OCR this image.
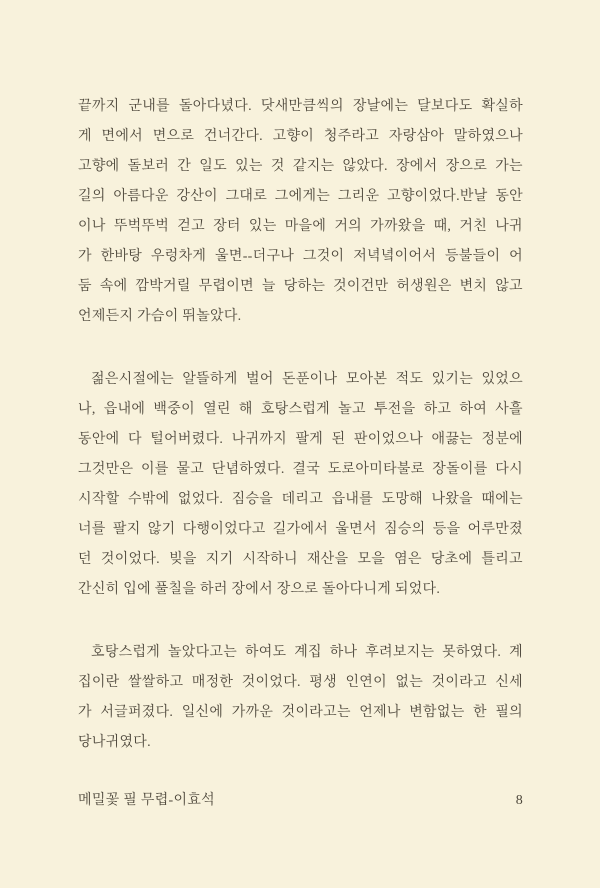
끝까지 군내를 돌아다녔다. 닷새만큼씩의 장날에는 달보다도 확실하
게 면에서 면으로 건너간다. 고향이 청주라고 자랑삼아 말하였으나
고향에 돌보러 간 일도 있는 것 같지는 않았다. 장에서 장으로 가는
길의 아름다운 강산이 그대로 그에게는 그리운 고향이었다.반날 동안
이나 뚜벅뚜벅 걷고 장터 있는 마을에 거의 가까왔을 때, 거친 나귀
가 한바탕 우렁차게 울면--더구나 그것이 저녁녘이어서 등불들이 어
둠 속에 깜박거릴 무렵이면 늘 당하는 것이건만 허생원은 변치 않고
언제든지 가슴이 뛰놀았다.
젊은시절에는 알뜰하게 벌어 돈푼이나 모아본 적도 있기는 있었으
나, 읍내에 백중이 열린 해 호탕스럽게 놀고 투전을 하고 하여 사흘
동안에 다 털어버렸다. 나귀까지 팔게 된 판이었으나 애끓는 정분에
그것만은 이를 물고 단념하였다. 결국 도로아미타불로 장돌이를 다시
시작할 수밖에 없었다. 짐승을 데리고 읍내를 도망해 나왔을 때에는
너를 팔지 않기 다행이었다고 길가에서 울면서 짐승의 등을 어루만졌
던 것이었다. 빚을 지기 시작하니 재산을 모을 염은 당초에 틀리고
간신히 입에 풀칠을 하러 장에서 장으로 돌아다니게 되었다.
호탕스럽게 놀았다고는 하여도 계집 하나 후려보지는 못하였다. 계
집이란 쌀쌀하고 매정한 것이었다. 평생 인연이 없는 것이라고 신세
가 서글퍼졌다. 일신에 가까운 것이라고는 언제나 변함없는 한 필의
당나귀였다.
메밀꽃 필 무렵-이효석	8
